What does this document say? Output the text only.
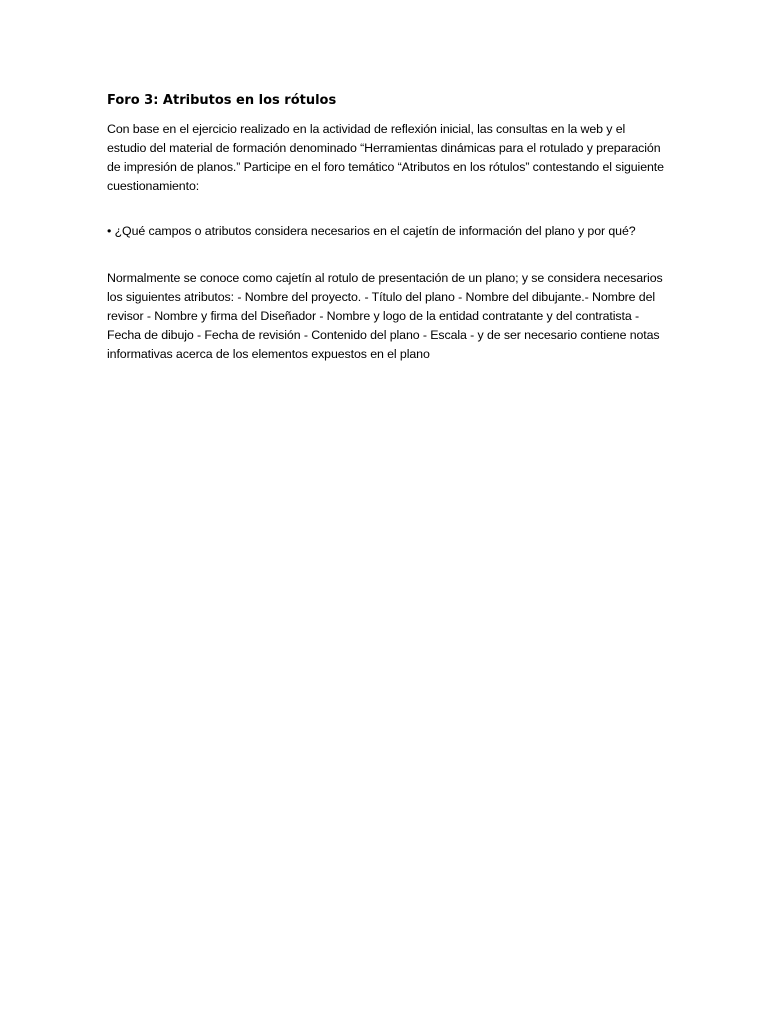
Foro 3: Atributos en los rótulos

Con base en el ejercicio realizado en la actividad de reflexión inicial, las consultas en la web y el estudio del material de formación denominado “Herramientas dinámicas para el rotulado y preparación de impresión de planos.” Participe en el foro temático “Atributos en los rótulos” contestando el siguiente cuestionamiento:

• ¿Qué campos o atributos considera necesarios en el cajetín de información del plano y por qué?

Normalmente se conoce como cajetín al rotulo de presentación de un plano; y se considera necesarios los siguientes atributos: - Nombre del proyecto. - Título del plano - Nombre del dibujante.- Nombre del revisor - Nombre y firma del Diseñador - Nombre y logo de la entidad contratante y del contratista - Fecha de dibujo - Fecha de revisión - Contenido del plano - Escala - y de ser necesario contiene notas informativas acerca de los elementos expuestos en el plano
